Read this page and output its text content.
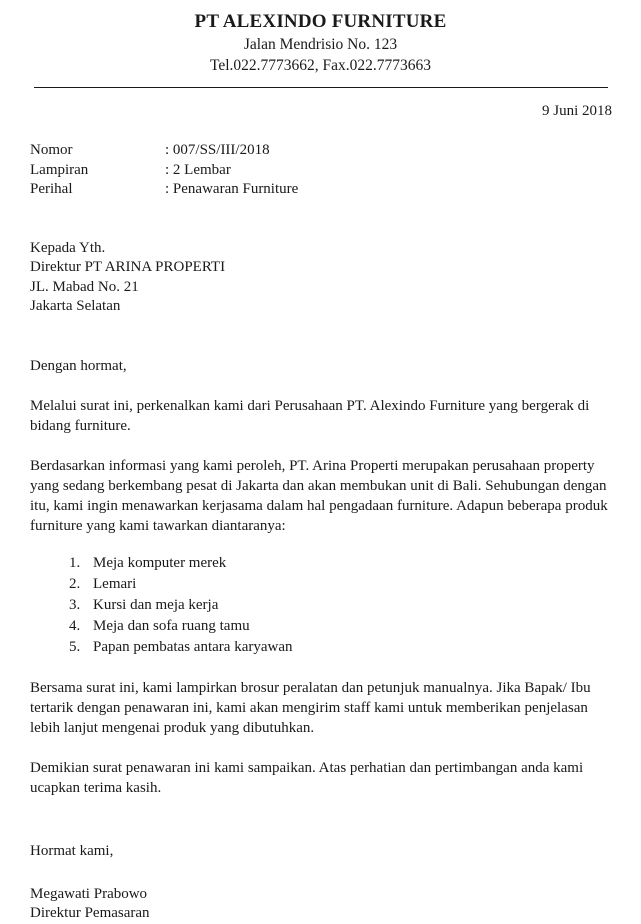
PT ALEXINDO FURNITURE
Jalan Mendrisio No. 123
Tel.022.7773662, Fax.022.7773663
9 Juni 2018
Nomor	: 007/SS/III/2018
Lampiran	: 2 Lembar
Perihal	: Penawaran Furniture
Kepada Yth.
Direktur PT ARINA PROPERTI
JL. Mabad No. 21
Jakarta Selatan
Dengan hormat,

Melalui surat ini, perkenalkan kami dari Perusahaan PT. Alexindo Furniture yang bergerak di bidang furniture.

Berdasarkan informasi yang kami peroleh, PT. Arina Properti merupakan perusahaan property yang sedang berkembang pesat di Jakarta dan akan membukan unit di Bali. Sehubungan dengan itu, kami ingin menawarkan kerjasama dalam hal pengadaan furniture. Adapun beberapa produk furniture yang kami tawarkan diantaranya:

1. Meja komputer merek
2. Lemari
3. Kursi dan meja kerja
4. Meja dan sofa ruang tamu
5. Papan pembatas antara karyawan

Bersama surat ini, kami lampirkan brosur peralatan dan petunjuk manualnya. Jika Bapak/ Ibu tertarik dengan penawaran ini, kami akan mengirim staff kami untuk memberikan penjelasan lebih lanjut mengenai produk yang dibutuhkan.

Demikian surat penawaran ini kami sampaikan. Atas perhatian dan pertimbangan anda kami ucapkan terima kasih.

Hormat kami,
Megawati Prabowo
Direktur Pemasaran
